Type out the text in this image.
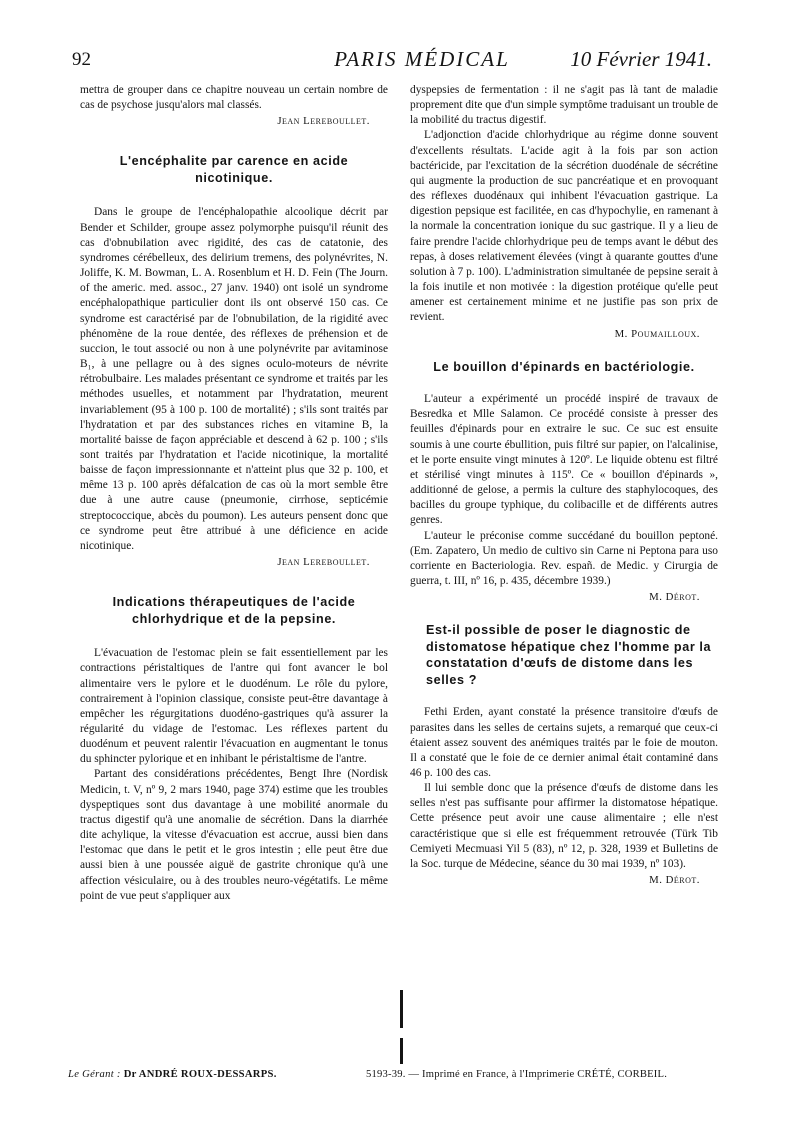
92	PARIS MÉDICAL	10 Février 1941.

mettra de grouper dans ce chapitre nouveau un certain nombre de cas de psychose jusqu'alors mal classés.

Jean Lereboullet.
L'encéphalite par carence en acide nicotinique.

Dans le groupe de l'encéphalopathie alcoolique décrit par Bender et Schilder, groupe assez polymorphe puisqu'il réunit des cas d'obnubilation avec rigidité, des cas de catatonie, des syndromes cérébelleux, des delirium tremens, des polynévrites, N. Joliffe, K. M. Bowman, L. A. Rosenblum et H. D. Fein (The Journ. of the americ. med. assoc., 27 janv. 1940) ont isolé un syndrome encéphalopathique particulier dont ils ont observé 150 cas. Ce syndrome est caractérisé par de l'obnubilation, de la rigidité avec phénomène de la roue dentée, des réflexes de préhension et de succion, le tout associé ou non à une polynévrite par avitaminose B₁, à une pellagre ou à des signes oculo-moteurs de névrite rétrobulbaire. Les malades présentant ce syndrome et traités par les méthodes usuelles, et notamment par l'hydratation, meurent invariablement (95 à 100 p. 100 de mortalité) ; s'ils sont traités par l'hydratation et par des substances riches en vitamine B, la mortalité baisse de façon appréciable et descend à 62 p. 100 ; s'ils sont traités par l'hydratation et l'acide nicotinique, la mortalité baisse de façon impressionnante et n'atteint plus que 32 p. 100, et même 13 p. 100 après défalcation de cas où la mort semble être due à une autre cause (pneumonie, cirrhose, septicémie streptococcique, abcès du poumon). Les auteurs pensent donc que ce syndrome peut être attribué à une déficience en acide nicotinique.

Jean Lereboullet.
Indications thérapeutiques de l'acide chlorhydrique et de la pepsine.

L'évacuation de l'estomac plein se fait essentiellement par les contractions péristaltiques de l'antre qui font avancer le bol alimentaire vers le pylore et le duodénum. Le rôle du pylore, contrairement à l'opinion classique, consiste peut-être davantage à empêcher les régurgitations duodéno-gastriques qu'à assurer la régularité du vidage de l'estomac. Les réflexes partent du duodénum et peuvent ralentir l'évacuation en augmentant le tonus du sphincter pylorique et en inhibant le péristaltisme de l'antre.

Partant des considérations précédentes, Bengt Ihre (Nordisk Medicin, t. V, nº 9, 2 mars 1940, page 374) estime que les troubles dyspeptiques sont dus davantage à une mobilité anormale du tractus digestif qu'à une anomalie de sécrétion. Dans la diarrhée dite achylique, la vitesse d'évacuation est accrue, aussi bien dans l'estomac que dans le petit et le gros intestin ; elle peut être due aussi bien à une poussée aiguë de gastrite chronique qu'à une affection vésiculaire, ou à des troubles neuro-végétatifs. Le même point de vue peut s'appliquer aux

dyspepsies de fermentation : il ne s'agit pas là tant de maladie proprement dite que d'un simple symptôme traduisant un trouble de la mobilité du tractus digestif.

L'adjonction d'acide chlorhydrique au régime donne souvent d'excellents résultats. L'acide agit à la fois par son action bactéricide, par l'excitation de la sécrétion duodénale de sécrétine qui augmente la production de suc pancréatique et en provoquant des réflexes duodénaux qui inhibent l'évacuation gastrique. La digestion pepsique est facilitée, en cas d'hypochylie, en ramenant à la normale la concentration ionique du suc gastrique. Il y a lieu de faire prendre l'acide chlorhydrique peu de temps avant le début des repas, à doses relativement élevées (vingt à quarante gouttes d'une solution à 7 p. 100). L'administration simultanée de pepsine serait à la fois inutile et non motivée : la digestion protéique qu'elle peut amener est certainement minime et ne justifie pas son prix de revient.

M. Poumailloux.
Le bouillon d'épinards en bactériologie.

L'auteur a expérimenté un procédé inspiré de travaux de Besredka et Mlle Salamon. Ce procédé consiste à presser des feuilles d'épinards pour en extraire le suc. Ce suc est ensuite soumis à une courte ébullition, puis filtré sur papier, on l'alcalinise, et le porte ensuite vingt minutes à 120º. Le liquide obtenu est filtré et stérilisé vingt minutes à 115º. Ce « bouillon d'épinards », additionné de gelose, a permis la culture des staphylocoques, des bacilles du groupe typhique, du colibacille et de différents autres genres.

L'auteur le préconise comme succédané du bouillon peptoné. (Em. Zapatero, Un medio de cultivo sin Carne ni Peptona para uso corriente en Bacteriologia. Rev. españ. de Medic. y Cirurgia de guerra, t. III, nº 16, p. 435, décembre 1939.)

M. Dérot.
Est-il possible de poser le diagnostic de distomatose hépatique chez l'homme par la constatation d'œufs de distome dans les selles ?

Fethi Erden, ayant constaté la présence transitoire d'œufs de parasites dans les selles de certains sujets, a remarqué que ceux-ci étaient assez souvent des anémiques traités par le foie de mouton. Il a constaté que le foie de ce dernier animal était contaminé dans 46 p. 100 des cas.

Il lui semble donc que la présence d'œufs de distome dans les selles n'est pas suffisante pour affirmer la distomatose hépatique. Cette présence peut avoir une cause alimentaire ; elle n'est caractéristique que si elle est fréquemment retrouvée (Türk Tib Cemiyeti Mecmuasi Yil 5 (83), nº 12, p. 328, 1939 et Bulletins de la Soc. turque de Médecine, séance du 30 mai 1939, nº 103).

M. Dérot.
Le Gérant : Dr ANDRÉ ROUX-DESSARPS.	5193-39. — Imprimé en France, à l'Imprimerie CRÉTÉ, CORBEIL.
